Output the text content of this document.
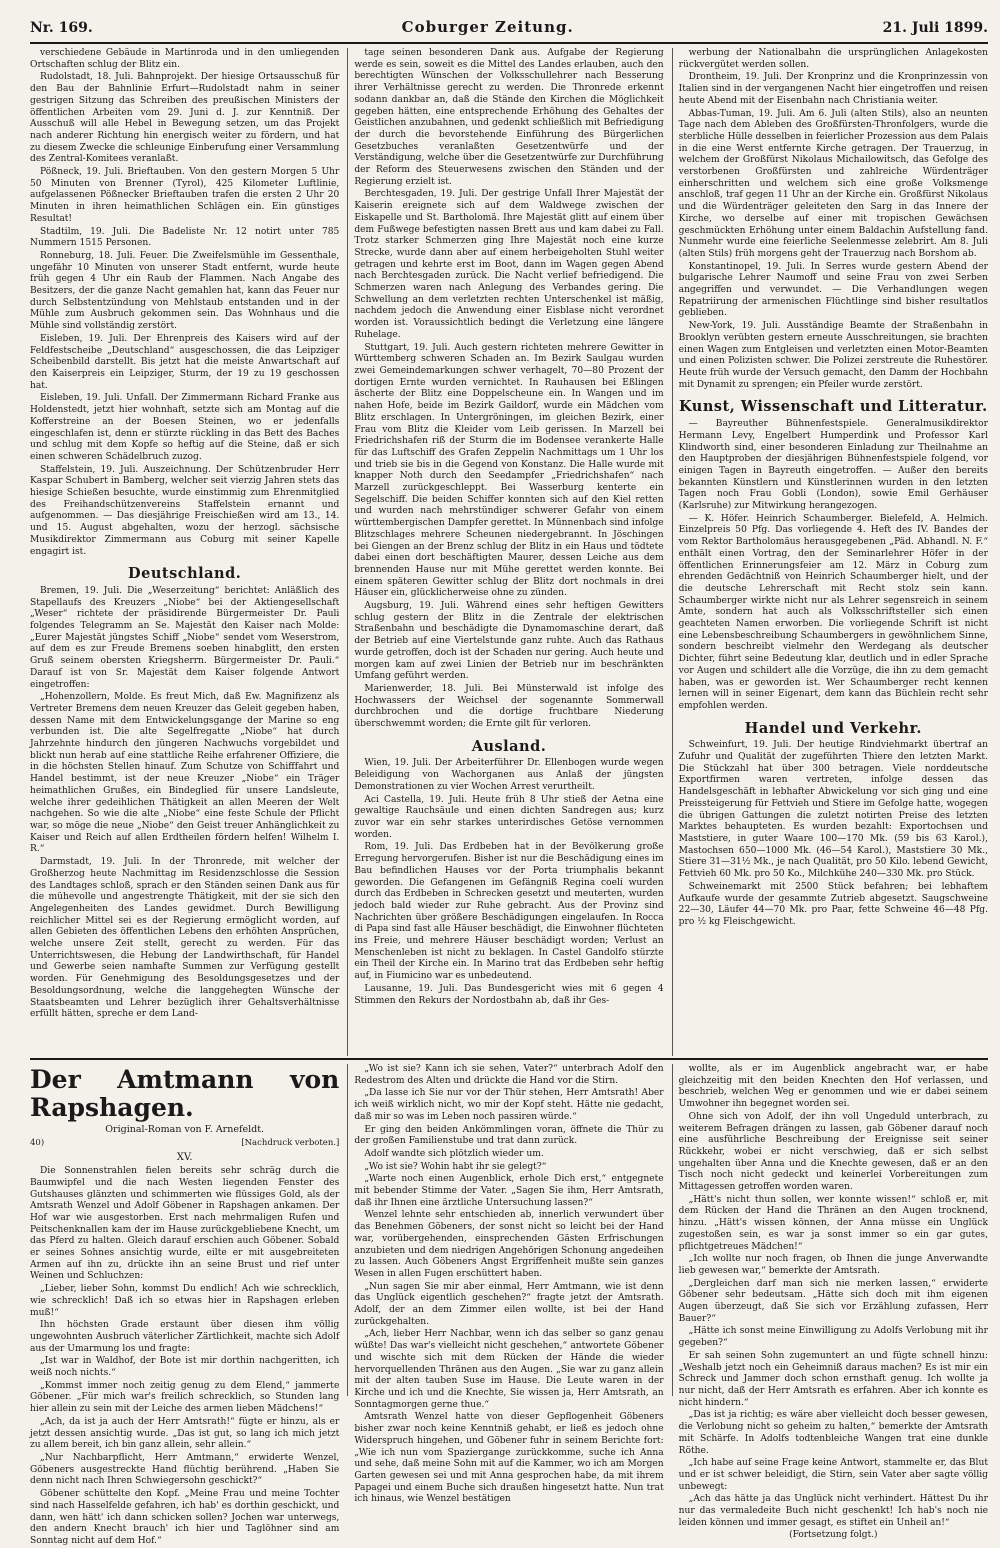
Nr. 169.	Coburger Zeitung.	21. Juli 1899.

verschiedene Gebäude in Martinroda und in den umliegenden Ortschaften schlug der Blitz ein.

Rudolstadt, 18. Juli. Bahnprojekt. Der hiesige Ortsausschuß für den Bau der Bahnlinie Erfurt—Rudolstadt nahm in seiner gestrigen Sitzung das Schreiben des preußischen Ministers der öffentlichen Arbeiten vom 29. Juni d. J. zur Kenntniß. Der Ausschuß will alle Hebel in Bewegung setzen, um das Projekt nach anderer Richtung hin energisch weiter zu fördern, und hat zu diesem Zwecke die schleunige Einberufung einer Versammlung des Zentral-Komitees veranlaßt.

Pößneck, 19. Juli. Brieftauben. Von den gestern Morgen 5 Uhr 50 Minuten von Brenner (Tyrol), 425 Kilometer Luftlinie, aufgelassenen Pößnecker Brieftauben trafen die ersten 2 Uhr 20 Minuten in ihren heimathlichen Schlägen ein. Ein günstiges Resultat!

Stadtilm, 19. Juli. Die Badeliste Nr. 12 notirt unter 785 Nummern 1515 Personen.

Ronneburg, 18. Juli. Feuer. Die Zweifelsmühle im Gessenthale, ungefähr 10 Minuten von unserer Stadt entfernt, wurde heute früh gegen 4 Uhr ein Raub der Flammen. Nach Angabe des Besitzers, der die ganze Nacht gemahlen hat, kann das Feuer nur durch Selbstentzündung von Mehlstaub entstanden und in der Mühle zum Ausbruch gekommen sein. Das Wohnhaus und die Mühle sind vollständig zerstört.

Eisleben, 19. Juli. Der Ehrenpreis des Kaisers wird auf der Feldfestscheibe „Deutschland“ ausgeschossen, die das Leipziger Scheibenbild darstellt. Bis jetzt hat die meiste Anwartschaft auf den Kaiserpreis ein Leipziger, Sturm, der 19 zu 19 geschossen hat.

Eisleben, 19. Juli. Unfall. Der Zimmermann Richard Franke aus Holdenstedt, jetzt hier wohnhaft, setzte sich am Montag auf die Kofferstreine an der Boesen Steinen, wo er jedenfalls eingeschlafen ist, denn er stürzte rückling in das Bett des Baches und schlug mit dem Kopfe so heftig auf die Steine, daß er sich einen schweren Schädelbruch zuzog.

Staffelstein, 19. Juli. Auszeichnung. Der Schützenbruder Herr Kaspar Schubert in Bamberg, welcher seit vierzig Jahren stets das hiesige Schießen besuchte, wurde einstimmig zum Ehrenmitglied des Freihandschützenvereins Staffelstein ernannt und aufgenommen. — Das diesjährige Freischießen wird am 13., 14. und 15. August abgehalten, wozu der herzogl. sächsische Musikdirektor Zimmermann aus Coburg mit seiner Kapelle engagirt ist.

Deutschland.

Bremen, 19. Juli. Die „Weserzeitung“ berichtet: Anläßlich des Stapellaufs des Kreuzers „Niobe“ bei der Aktiengesellschaft „Weser“ richtete der präsidirende Bürgermeister Dr. Pauli folgendes Telegramm an Se. Majestät den Kaiser nach Molde: „Eurer Majestät jüngstes Schiff „Niobe“ sendet vom Weserstrom, auf dem es zur Freude Bremens soeben hinabglitt, den ersten Gruß seinem obersten Kriegsherrn. Bürgermeister Dr. Pauli.“ Darauf ist von Sr. Majestät dem Kaiser folgende Antwort eingetroffen:

„Hohenzollern, Molde. Es freut Mich, daß Ew. Magnifizenz als Vertreter Bremens dem neuen Kreuzer das Geleit gegeben haben, dessen Name mit dem Entwickelungsgange der Marine so eng verbunden ist. Die alte Segelfregatte „Niobe“ hat durch Jahrzehnte hindurch den jüngeren Nachwuchs vorgebildet und blickt nun herab auf eine stattliche Reihe erfahrener Offiziere, die in die höchsten Stellen hinauf. Zum Schutze von Schifffahrt und Handel bestimmt, ist der neue Kreuzer „Niobe“ ein Träger heimathlichen Grußes, ein Bindeglied für unsere Landsleute, welche ihrer gedeihlichen Thätigkeit an allen Meeren der Welt nachgehen. So wie die alte „Niobe“ eine feste Schule der Pflicht war, so möge die neue „Niobe“ den Geist treuer Anhänglichkeit zu Kaiser und Reich auf allen Erdtheilen fördern helfen! Wilhelm I. R.“

Darmstadt, 19. Juli. In der Thronrede, mit welcher der Großherzog heute Nachmittag im Residenzschlosse die Session des Landtages schloß, sprach er den Ständen seinen Dank aus für die mühevolle und angestrengte Thätigkeit, mit der sie sich den Angelegenheiten des Landes gewidmet. Durch Bewilligung reichlicher Mittel sei es der Regierung ermöglicht worden, auf allen Gebieten des öffentlichen Lebens den erhöhten Ansprüchen, welche unsere Zeit stellt, gerecht zu werden. Für das Unterrichtswesen, die Hebung der Landwirthschaft, für Handel und Gewerbe seien namhafte Summen zur Verfügung gestellt worden. Für Genehmigung des Besoldungsgesetzes und der Besoldungsordnung, welche die langgehegten Wünsche der Staatsbeamten und Lehrer bezüglich ihrer Gehaltsverhältnisse erfüllt hätten, spreche er dem Land-

tage seinen besonderen Dank aus. Aufgabe der Regierung werde es sein, soweit es die Mittel des Landes erlauben, auch den berechtigten Wünschen der Volksschullehrer nach Besserung ihrer Verhältnisse gerecht zu werden. Die Thronrede erkennt sodann dankbar an, daß die Stände den Kirchen die Möglichkeit gegeben hätten, eine entsprechende Erhöhung des Gehaltes der Geistlichen anzubahnen, und gedenkt schließlich mit Befriedigung der durch die bevorstehende Einführung des Bürgerlichen Gesetzbuches veranlaßten Gesetzentwürfe und der Verständigung, welche über die Gesetzentwürfe zur Durchführung der Reform des Steuerwesens zwischen den Ständen und der Regierung erzielt ist.

Berchtesgaden, 19. Juli. Der gestrige Unfall Ihrer Majestät der Kaiserin ereignete sich auf dem Waldwege zwischen der Eiskapelle und St. Bartholomä. Ihre Majestät glitt auf einem über dem Fußwege befestigten nassen Brett aus und kam dabei zu Fall. Trotz starker Schmerzen ging Ihre Majestät noch eine kurze Strecke, wurde dann aber auf einem herbeigeholten Stuhl weiter getragen und kehrte erst im Boot, dann im Wagen gegen Abend nach Berchtesgaden zurück. Die Nacht verlief befriedigend. Die Schmerzen waren nach Anlegung des Verbandes gering. Die Schwellung an dem verletzten rechten Unterschenkel ist mäßig, nachdem jedoch die Anwendung einer Eisblase nicht verordnet worden ist. Voraussichtlich bedingt die Verletzung eine längere Ruhelage.

Stuttgart, 19. Juli. Auch gestern richteten mehrere Gewitter in Württemberg schweren Schaden an. Im Bezirk Saulgau wurden zwei Gemeindemarkungen schwer verhagelt, 70—80 Prozent der dortigen Ernte wurden vernichtet. In Rauhausen bei Eßlingen äscherte der Blitz eine Doppelscheune ein. In Wangen und im nahen Hofe, beide im Bezirk Gaildorf, wurde ein Mädchen vom Blitz erschlagen. In Untergröningen, im gleichen Bezirk, einer Frau vom Blitz die Kleider vom Leib gerissen. In Marzell bei Friedrichshafen riß der Sturm die im Bodensee verankerte Halle für das Luftschiff des Grafen Zeppelin Nachmittags um 1 Uhr los und trieb sie bis in die Gegend von Konstanz. Die Halle wurde mit knapper Noth durch den Seedampfer „Friedrichshafen“ nach Marzell zurückgeschleppt. Bei Wasserburg kenterte ein Segelschiff. Die beiden Schiffer konnten sich auf den Kiel retten und wurden nach mehrstündiger schwerer Gefahr von einem württembergischen Dampfer gerettet. In Münnenbach sind infolge Blitzschlages mehrere Scheunen niedergebrannt. In Jöschingen bei Giengen an der Brenz schlug der Blitz in ein Haus und tödtete dabei einen dort beschäftigten Maurer, dessen Leiche aus dem brennenden Hause nur mit Mühe gerettet werden konnte. Bei einem späteren Gewitter schlug der Blitz dort nochmals in drei Häuser ein, glücklicherweise ohne zu zünden.

Augsburg, 19. Juli. Während eines sehr heftigen Gewitters schlug gestern der Blitz in die Zentrale der elektrischen Straßenbahn und beschädigte die Dynamomaschine derart, daß der Betrieb auf eine Viertelstunde ganz ruhte. Auch das Rathaus wurde getroffen, doch ist der Schaden nur gering. Auch heute und morgen kam auf zwei Linien der Betrieb nur im beschränkten Umfang geführt werden.

Marienwerder, 18. Juli. Bei Münsterwald ist infolge des Hochwassers der Weichsel der sogenannte Sommerwall durchbrochen und die dortige fruchtbare Niederung überschwemmt worden; die Ernte gilt für verloren.

Ausland.

Wien, 19. Juli. Der Arbeiterführer Dr. Ellenbogen wurde wegen Beleidigung von Wachorganen aus Anlaß der jüngsten Demonstrationen zu vier Wochen Arrest verurtheilt.

Aci Castella, 19. Juli. Heute früh 8 Uhr stieß der Aetna eine gewaltige Rauchsäule und einen dichten Sandregen aus; kurz zuvor war ein sehr starkes unterirdisches Getöse vernommen worden.

Rom, 19. Juli. Das Erdbeben hat in der Bevölkerung große Erregung hervorgerufen. Bisher ist nur die Beschädigung eines im Bau befindlichen Hauses vor der Porta triumphalis bekannt geworden. Die Gefangenen im Gefängniß Regina coeli wurden durch das Erdbeben in Schrecken gesetzt und meuterten, wurden jedoch bald wieder zur Ruhe gebracht. Aus der Provinz sind Nachrichten über größere Beschädigungen eingelaufen. In Rocca di Papa sind fast alle Häuser beschädigt, die Einwohner flüchteten ins Freie, und mehrere Häuser beschädigt worden; Verlust an Menschenleben ist nicht zu beklagen. In Castel Gandolfo stürzte ein Theil der Kirche ein. In Marino trat das Erdbeben sehr heftig auf, in Fiumicino war es unbedeutend.

Lausanne, 19. Juli. Das Bundesgericht wies mit 6 gegen 4 Stimmen den Rekurs der Nordostbahn ab, daß ihr Ges-

werbung der Nationalbahn die ursprünglichen Anlagekosten rückvergütet werden sollen.

Drontheim, 19. Juli. Der Kronprinz und die Kronprinzessin von Italien sind in der vergangenen Nacht hier eingetroffen und reisen heute Abend mit der Eisenbahn nach Christiania weiter.

Abbas-Tuman, 19. Juli. Am 6. Juli (alten Stils), also an neunten Tage nach dem Ableben des Großfürsten-Thronfolgers, wurde die sterbliche Hülle desselben in feierlicher Prozession aus dem Palais in die eine Werst entfernte Kirche getragen. Der Trauerzug, in welchem der Großfürst Nikolaus Michailowitsch, das Gefolge des verstorbenen Großfürsten und zahlreiche Würdenträger einherschritten und welchem sich eine große Volksmenge anschloß, traf gegen 11 Uhr an der Kirche ein. Großfürst Nikolaus und die Würdenträger geleiteten den Sarg in das Innere der Kirche, wo derselbe auf einer mit tropischen Gewächsen geschmückten Erhöhung unter einem Baldachin Aufstellung fand. Nunmehr wurde eine feierliche Seelenmesse zelebrirt. Am 8. Juli (alten Stils) früh morgens geht der Trauerzug nach Borshom ab.

Konstantinopel, 19. Juli. In Serres wurde gestern Abend der bulgarische Lehrer Naumoff und seine Frau von zwei Serben angegriffen und verwundet. — Die Verhandlungen wegen Repatriirung der armenischen Flüchtlinge sind bisher resultatlos geblieben.

New-York, 19. Juli. Ausständige Beamte der Straßenbahn in Brooklyn verübten gestern erneute Ausschreitungen, sie brachten einen Wagen zum Entgleisen und verletzten einen Motor-Beamten und einen Polizisten schwer. Die Polizei zerstreute die Ruhestörer. Heute früh wurde der Versuch gemacht, den Damm der Hochbahn mit Dynamit zu sprengen; ein Pfeiler wurde zerstört.

Kunst, Wissenschaft und Litteratur.

— Bayreuther Bühnenfestspiele. Generalmusikdirektor Hermann Levy, Engelbert Humperdink und Professor Karl Klindworth sind, einer besonderen Einladung zur Theilnahme an den Hauptproben der diesjährigen Bühnenfestspiele folgend, vor einigen Tagen in Bayreuth eingetroffen. — Außer den bereits bekannten Künstlern und Künstlerinnen wurden in den letzten Tagen noch Frau Gobli (London), sowie Emil Gerhäuser (Karlsruhe) zur Mitwirkung herangezogen.

— K. Höfer. Heinrich Schaumberger. Bielefeld, A. Helmich. Einzelpreis 50 Pfg. Das vorliegende 4. Heft des IV. Bandes der vom Rektor Bartholomäus herausgegebenen „Päd. Abhandl. N. F.“ enthält einen Vortrag, den der Seminarlehrer Höfer in der öffentlichen Erinnerungsfeier am 12. März in Coburg zum ehrenden Gedächtniß von Heinrich Schaumberger hielt, und der die deutsche Lehrerschaft mit Recht stolz sein kann. Schaumberger wirkte nicht nur als Lehrer segensreich in seinem Amte, sondern hat auch als Volksschriftsteller sich einen geachteten Namen erworben. Die vorliegende Schrift ist nicht eine Lebensbeschreibung Schaumbergers in gewöhnlichem Sinne, sondern beschreibt vielmehr den Werdegang als deutscher Dichter, führt seine Bedeutung klar, deutlich und in edler Sprache vor Augen und schildert alle die Vorzüge, die ihn zu dem gemacht haben, was er geworden ist. Wer Schaumberger recht kennen lernen will in seiner Eigenart, dem kann das Büchlein recht sehr empfohlen werden.

Handel und Verkehr.

Schweinfurt, 19. Juli. Der heutige Rindviehmarkt übertraf an Zufuhr und Qualität der zugeführten Thiere den letzten Markt. Die Stückzahl hat über 300 betragen. Viele norddeutsche Exportfirmen waren vertreten, infolge dessen das Handelsgeschäft in lebhafter Abwickelung vor sich ging und eine Preissteigerung für Fettvieh und Stiere im Gefolge hatte, wogegen die übrigen Gattungen die zuletzt notirten Preise des letzten Marktes behaupteten. Es wurden bezahlt: Exportochsen und Maststiere, in guter Waare 100—170 Mk. (59 bis 63 Karol.), Mastochsen 650—1000 Mk. (46—54 Karol.), Maststiere 30 Mk., Stiere 31—31½ Mk., je nach Qualität, pro 50 Kilo. lebend Gewicht, Fettvieh 60 Mk. pro 50 Ko., Milchkühe 240—330 Mk. pro Stück.

Schweinemarkt mit 2500 Stück befahren; bei lebhaftem Aufkaufe wurde der gesammte Zutrieb abgesetzt. Saugschweine 22—30, Läufer 44—70 Mk. pro Paar, fette Schweine 46—48 Pfg. pro ½ kg Fleischgewicht.

Der Amtmann von Rapshagen.
Original-Roman von F. Arnefeldt.
40)	[Nachdruck verboten.]
XV.

Die Sonnenstrahlen fielen bereits sehr schräg durch die Baumwipfel und die nach Westen liegenden Fenster des Gutshauses glänzten und schimmerten wie flüssiges Gold, als der Amtsrath Wenzel und Adolf Göbener in Rapshagen ankamen. Der Hof war wie ausgestorben. Erst nach mehrmaligen Rufen und Peitschenknallen kam der im Hause zurückgebliebene Knecht, um das Pferd zu halten. Gleich darauf erschien auch Göbener. Sobald er seines Sohnes ansichtig wurde, eilte er mit ausgebreiteten Armen auf ihn zu, drückte ihn an seine Brust und rief unter Weinen und Schluchzen:

„Lieber, lieber Sohn, kommst Du endlich! Ach wie schrecklich, wie schrecklich! Daß ich so etwas hier in Rapshagen erleben muß!“

Ihn höchsten Grade erstaunt über diesen ihm völlig ungewohnten Ausbruch väterlicher Zärtlichkeit, machte sich Adolf aus der Umarmung los und fragte:

„Ist war in Waldhof, der Bote ist mir dorthin nachgeritten, ich weiß noch nichts.“

„Kommst immer noch zeitig genug zu dem Elend,“ jammerte Göbener. „Für mich war's freilich schrecklich, so Stunden lang hier allein zu sein mit der Leiche des armen lieben Mädchens!“

„Ach, da ist ja auch der Herr Amtsrath!“ fügte er hinzu, als er jetzt dessen ansichtig wurde. „Das ist gut, so lang ich mich jetzt zu allem bereit, ich bin ganz allein, sehr allein.“

„Nur Nachbarpflicht, Herr Amtmann,“ erwiderte Wenzel, Göbeners ausgestreckte Hand flüchtig berührend. „Haben Sie denn nicht nach Ihren Schwiegersohn geschickt?“

Göbener schüttelte den Kopf. „Meine Frau und meine Tochter sind nach Hasselfelde gefahren, ich hab' es dorthin geschickt, und dann, wen hätt' ich dann schicken sollen? Jochen war unterwegs, den andern Knecht brauch' ich hier und Taglöhner sind am Sonntag nicht auf dem Hof.“

„Wo ist sie? Kann ich sie sehen, Vater?“ unterbrach Adolf den Redestrom des Alten und drückte die Hand vor die Stirn.

„Da lasse ich Sie nur vor der Thür stehen, Herr Amtsrath! Aber ich weiß wirklich nicht, wo mir der Kopf steht. Hätte nie gedacht, daß mir so was im Leben noch passiren würde.“

Er ging den beiden Ankömmlingen voran, öffnete die Thür zu der großen Familienstube und trat dann zurück.

Adolf wandte sich plötzlich wieder um.

„Wo ist sie? Wohin habt ihr sie gelegt?“

„Warte noch einen Augenblick, erhole Dich erst,“ entgegnete mit bebender Stimme der Vater. „Sagen Sie ihm, Herr Amtsrath, daß ihr Ihnen eine ärztliche Untersuchung lassen?“

Wenzel lehnte sehr entschieden ab, innerlich verwundert über das Benehmen Göbeners, der sonst nicht so leicht bei der Hand war, vorübergehenden, einsprechenden Gästen Erfrischungen anzubieten und dem niedrigen Angehörigen Schonung angedeihen zu lassen. Auch Göbeners Angst Ergriffenheit mußte sein ganzes Wesen in allen Fugen erschüttert haben.

„Nun sagen Sie mir aber einmal, Herr Amtmann, wie ist denn das Unglück eigentlich geschehen?“ fragte jetzt der Amtsrath. Adolf, der an dem Zimmer eilen wollte, ist bei der Hand zurückgehalten.

„Ach, lieber Herr Nachbar, wenn ich das selber so ganz genau wüßte! Das war's vielleicht nicht geschehen,“ antwortete Göbener und wischte sich mit dem Rücken der Hände die wieder hervorquellenden Thränen aus den Augen. „Sie war zu ganz allein mit der alten tauben Suse im Hause. Die Leute waren in der Kirche und ich und die Knechte, Sie wissen ja, Herr Amtsrath, an Sonntagmorgen gerne thue.“

Amtsrath Wenzel hatte von dieser Gepflogenheit Göbeners bisher zwar noch keine Kenntniß gehabt, er ließ es jedoch ohne Widerspruch hingehen, und Göbener fuhr in seinem Berichte fort: „Wie ich nun vom Spaziergange zurückkomme, suche ich Anna und sehe, daß meine Sohn mit auf die Kammer, wo ich am Morgen Garten gewesen sei und mit Anna gesprochen habe, da mit ihrem Papagei und einem Buche sich draußen hingesetzt hatte. Nun trat ich hinaus, wie Wenzel bestätigen

wollte, als er im Augenblick angebracht war, er habe gleichzeitig mit den beiden Knechten den Hof verlassen, und beschrieb, welchen Weg er genommen und wie er dabei seinem Umwohner ihn begegnet worden sei.

Ohne sich von Adolf, der ihn voll Ungeduld unterbrach, zu weiterem Befragen drängen zu lassen, gab Göbener darauf noch eine ausführliche Beschreibung der Ereignisse seit seiner Rückkehr, wobei er nicht verschwieg, daß er sich selbst ungehalten über Anna und die Knechte gewesen, daß er an den Tisch noch nicht gedeckt und keinerlei Vorbereitungen zum Mittagessen getroffen worden waren.

„Hätt's nicht thun sollen, wer konnte wissen!“ schloß er, mit dem Rücken der Hand die Thränen an den Augen trocknend, hinzu. „Hätt's wissen können, der Anna müsse ein Unglück zugestoßen sein, es war ja sonst immer so ein gar gutes, pflichtgetreues Mädchen!“

„Ich wollte nur noch fragen, ob Ihnen die junge Anverwandte lieb gewesen war,“ bemerkte der Amtsrath.

„Dergleichen darf man sich nie merken lassen,“ erwiderte Göbener sehr bedeutsam. „Hätte sich doch mit ihm eigenen Augen überzeugt, daß Sie sich vor Erzählung zufassen, Herr Bauer?“

„Hätte ich sonst meine Einwilligung zu Adolfs Verlobung mit ihr gegeben?“

Er sah seinen Sohn zugemuntert an und fügte schnell hinzu: „Weshalb jetzt noch ein Geheimniß daraus machen? Es ist mir ein Schreck und Jammer doch schon ernsthaft genug. Ich wollte ja nur nicht, daß der Herr Amtsrath es erfahren. Aber ich konnte es nicht hindern.“

„Das ist ja richtig; es wäre aber vielleicht doch besser gewesen, die Verlobung nicht so geheim zu halten,“ bemerkte der Amtsrath mit Schärfe. In Adolfs todtenbleiche Wangen trat eine dunkle Röthe.

„Ich habe auf seine Frage keine Antwort, stammelte er, das Blut und er ist schwer beleidigt, die Stirn, sein Vater aber sagte völlig unbewegt:

„Ach das hätte ja das Unglück nicht verhindert. Hättest Du ihr nur das vermaledeite Buch nicht geschenkt! Ich hab's noch nie leiden können und immer gesagt, es stiftet ein Unheil an!“

(Fortsetzung folgt.)
